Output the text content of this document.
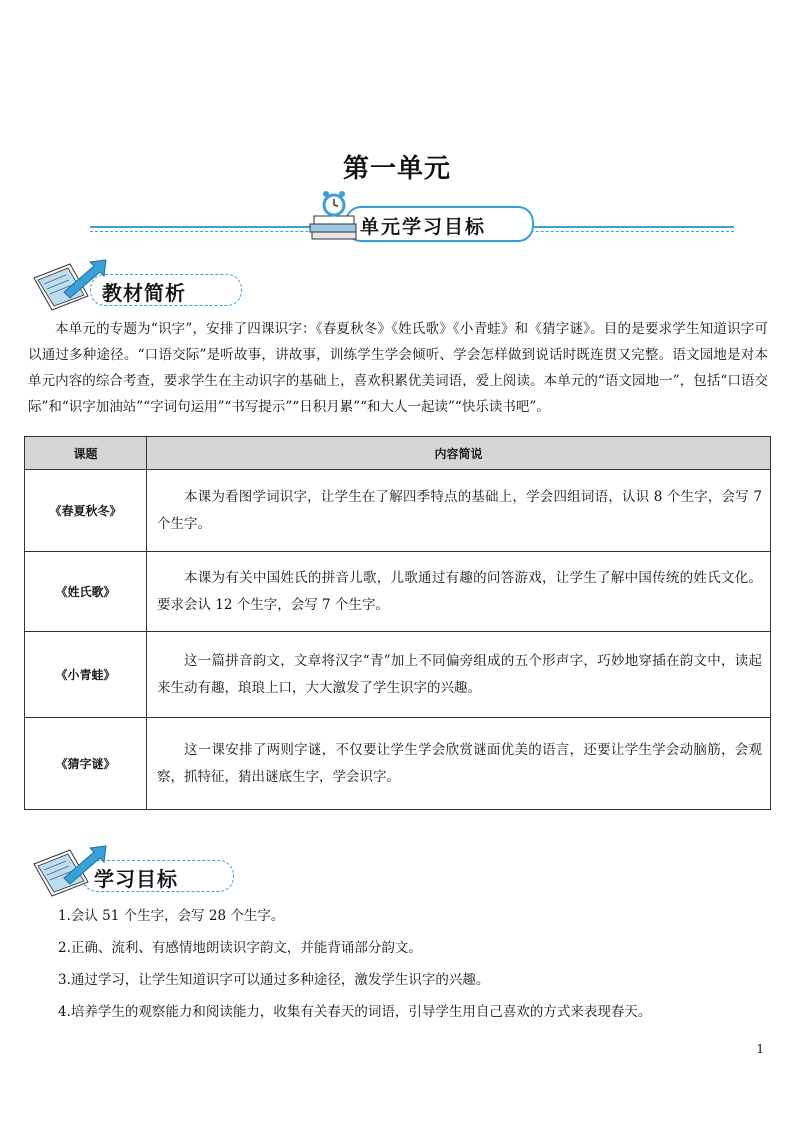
第一单元
单元学习目标
教材简析
本单元的专题为“识字”，安排了四课识字：《春夏秋冬》《姓氏歌》《小青蛙》和《猜字谜》。目的是要求学生知道识字可以通过多种途径。“口语交际”是听故事，讲故事，训练学生学会倾听、学会怎样做到说话时既连贯又完整。语文园地是对本单元内容的综合考查，要求学生在主动识字的基础上，喜欢积累优美词语，爱上阅读。本单元的“语文园地一”，包括“口语交际”和“识字加油站”“字词句运用”“书写提示”“日积月累”“和大人一起读”“快乐读书吧”。
课题	内容简说
《春夏秋冬》	本课为看图学词识字，让学生在了解四季特点的基础上，学会四组词语，认识 8 个生字，会写 7 个生字。
《姓氏歌》	本课为有关中国姓氏的拼音儿歌，儿歌通过有趣的问答游戏，让学生了解中国传统的姓氏文化。要求会认 12 个生字，会写 7 个生字。
《小青蛙》	这一篇拼音韵文，文章将汉字“青”加上不同偏旁组成的五个形声字，巧妙地穿插在韵文中，读起来生动有趣，琅琅上口，大大激发了学生识字的兴趣。
《猜字谜》	这一课安排了两则字谜，不仅要让学生学会欣赏谜面优美的语言，还要让学生学会动脑筋，会观察，抓特征，猜出谜底生字，学会识字。
学习目标
1.会认 51 个生字，会写 28 个生字。
2.正确、流利、有感情地朗读识字韵文，并能背诵部分韵文。
3.通过学习，让学生知道识字可以通过多种途径，激发学生识字的兴趣。
4.培养学生的观察能力和阅读能力，收集有关春天的词语，引导学生用自己喜欢的方式来表现春天。
1
